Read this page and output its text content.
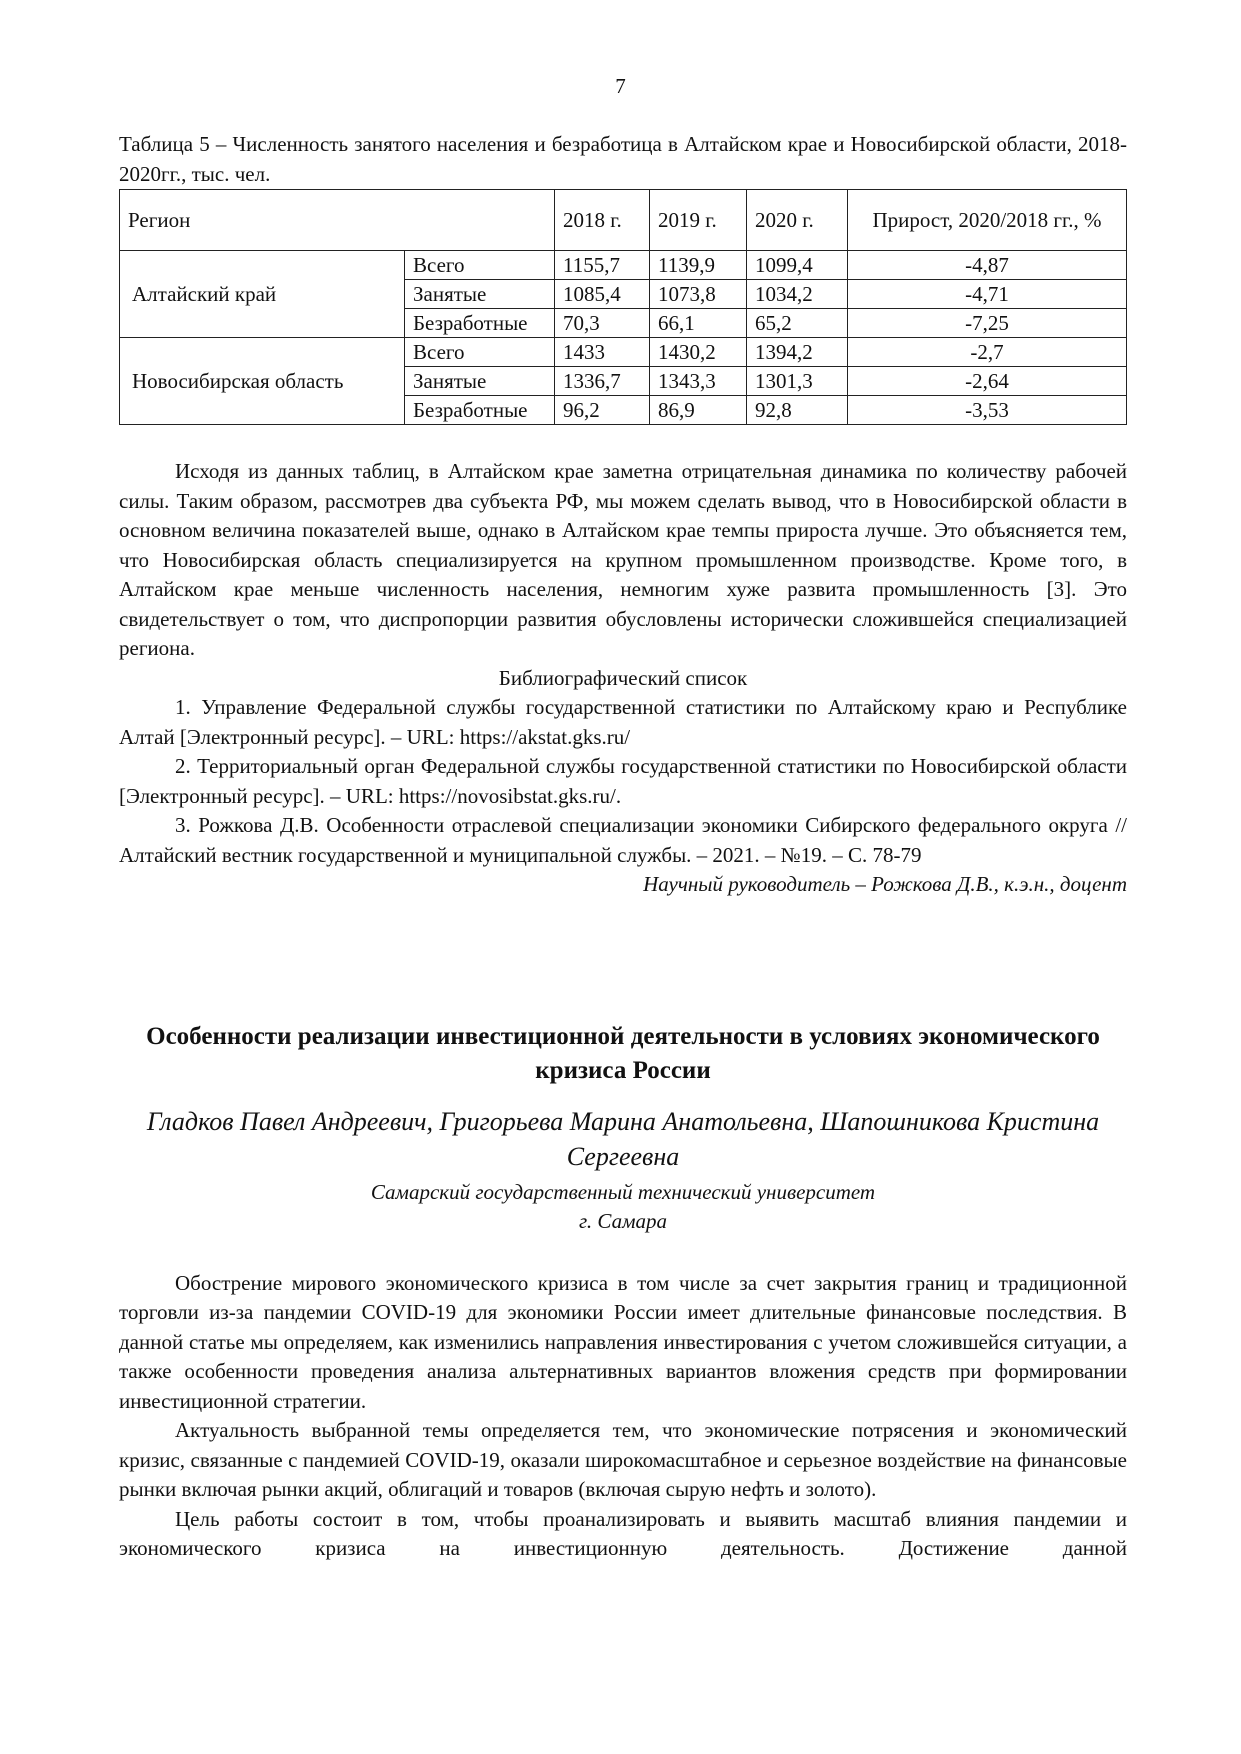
7

Таблица 5 – Численность занятого населения и безработица в Алтайском крае и Новосибирской области, 2018-2020гг., тыс. чел.

Регион		2018 г.	2019 г.	2020 г.	Прирост, 2020/2018 гг., %
Алтайский край	Всего	1155,7	1139,9	1099,4	-4,87
	Занятые	1085,4	1073,8	1034,2	-4,71
	Безработные	70,3	66,1	65,2	-7,25
Новосибирская область	Всего	1433	1430,2	1394,2	-2,7
	Занятые	1336,7	1343,3	1301,3	-2,64
	Безработные	96,2	86,9	92,8	-3,53

Исходя из данных таблиц, в Алтайском крае заметна отрицательная динамика по количеству рабочей силы. Таким образом, рассмотрев два субъекта РФ, мы можем сделать вывод, что в Новосибирской области в основном величина показателей выше, однако в Алтайском крае темпы прироста лучше. Это объясняется тем, что Новосибирская область специализируется на крупном промышленном производстве. Кроме того, в Алтайском крае меньше численность населения, немногим хуже развита промышленность [3]. Это свидетельствует о том, что диспропорции развития обусловлены исторически сложившейся специализацией региона.

Библиографический список

1. Управление Федеральной службы государственной статистики по Алтайскому краю и Республике Алтай [Электронный ресурс]. – URL: https://akstat.gks.ru/

2. Территориальный орган Федеральной службы государственной статистики по Новосибирской области [Электронный ресурс]. – URL: https://novosibstat.gks.ru/.

3. Рожкова Д.В. Особенности отраслевой специализации экономики Сибирского федерального округа // Алтайский вестник государственной и муниципальной службы. – 2021. – №19. – С. 78-79

Научный руководитель – Рожкова Д.В., к.э.н., доцент

Особенности реализации инвестиционной деятельности в условиях экономического кризиса России

Гладков Павел Андреевич, Григорьева Марина Анатольевна, Шапошникова Кристина Сергеевна

Самарский государственный технический университет

г. Самара

Обострение мирового экономического кризиса в том числе за счет закрытия границ и традиционной торговли из-за пандемии COVID-19 для экономики России имеет длительные финансовые последствия. В данной статье мы определяем, как изменились направления инвестирования с учетом сложившейся ситуации, а также особенности проведения анализа альтернативных вариантов вложения средств при формировании инвестиционной стратегии.

Актуальность выбранной темы определяется тем, что экономические потрясения и экономический кризис, связанные с пандемией COVID-19, оказали широкомасштабное и серьезное воздействие на финансовые рынки включая рынки акций, облигаций и товаров (включая сырую нефть и золото).

Цель работы состоит в том, чтобы проанализировать и выявить масштаб влияния пандемии и экономического кризиса на инвестиционную деятельность. Достижение данной
